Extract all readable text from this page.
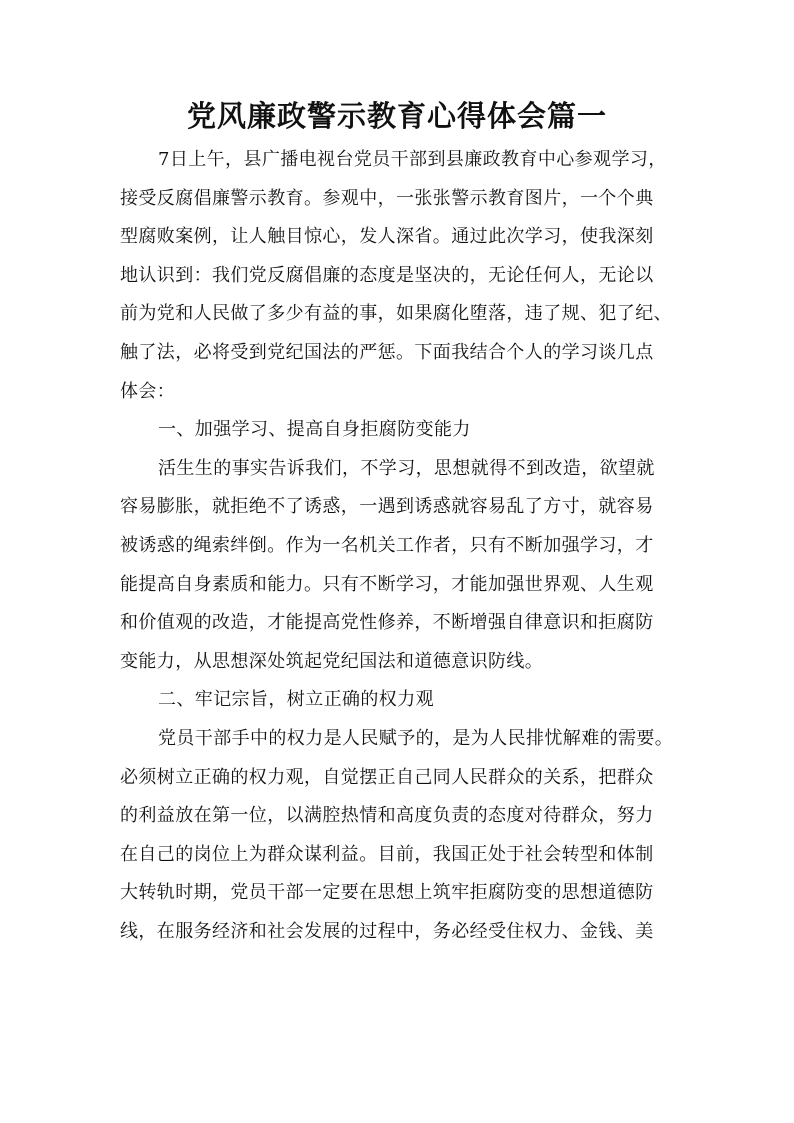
党风廉政警示教育心得体会篇一
7日上午，县广播电视台党员干部到县廉政教育中心参观学习，
接受反腐倡廉警示教育。参观中，一张张警示教育图片，一个个典
型腐败案例，让人触目惊心，发人深省。通过此次学习，使我深刻
地认识到：我们党反腐倡廉的态度是坚决的，无论任何人，无论以
前为党和人民做了多少有益的事，如果腐化堕落，违了规、犯了纪、
触了法，必将受到党纪国法的严惩。下面我结合个人的学习谈几点
体会：
一、加强学习、提高自身拒腐防变能力
活生生的事实告诉我们，不学习，思想就得不到改造，欲望就
容易膨胀，就拒绝不了诱惑，一遇到诱惑就容易乱了方寸，就容易
被诱惑的绳索绊倒。作为一名机关工作者，只有不断加强学习，才
能提高自身素质和能力。只有不断学习，才能加强世界观、人生观
和价值观的改造，才能提高党性修养，不断增强自律意识和拒腐防
变能力，从思想深处筑起党纪国法和道德意识防线。
二、牢记宗旨，树立正确的权力观
党员干部手中的权力是人民赋予的，是为人民排忧解难的需要。
必须树立正确的权力观，自觉摆正自己同人民群众的关系，把群众
的利益放在第一位，以满腔热情和高度负责的态度对待群众，努力
在自己的岗位上为群众谋利益。目前，我国正处于社会转型和体制
大转轨时期，党员干部一定要在思想上筑牢拒腐防变的思想道德防
线，在服务经济和社会发展的过程中，务必经受住权力、金钱、美
